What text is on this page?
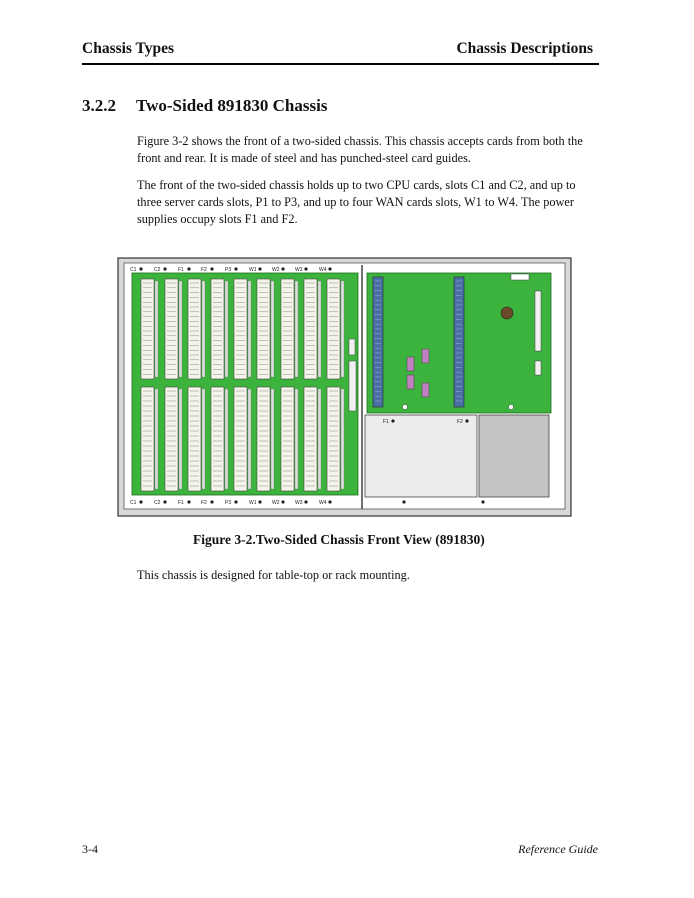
Chassis Types	Chassis Descriptions
3.2.2 Two-Sided 891830 Chassis

Figure 3-2 shows the front of a two-sided chassis. This chassis accepts cards from both the front and rear. It is made of steel and has punched-steel card guides.

The front of the two-sided chassis holds up to two CPU cards, slots C1 and C2, and up to three server cards slots, P1 to P3, and up to four WAN cards slots, W1 to W4. The power supplies occupy slots F1 and F2.

C1
C1
C2
C2
F1
F1
F2
F2
P3
P3
W1
W1
W2
W2
W3
W3
W4
W4
F1	F2
Figure 3-2.Two-Sided Chassis Front View (891830)

This chassis is designed for table-top or rack mounting.

3-4	Reference Guide
